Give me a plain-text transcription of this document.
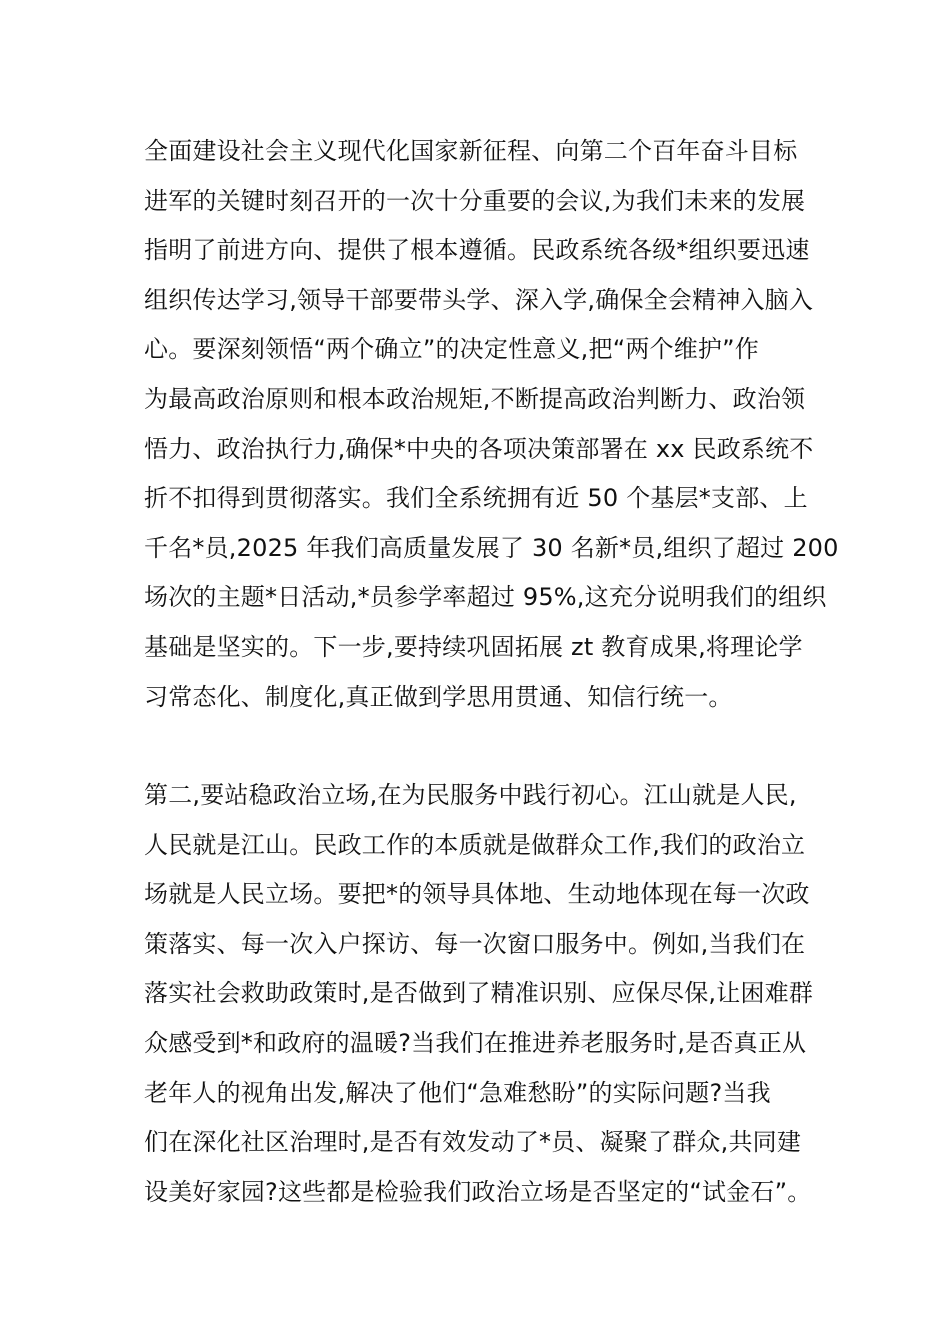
全面建设社会主义现代化国家新征程、向第二个百年奋斗目标
进军的关键时刻召开的一次十分重要的会议,为我们未来的发展
指明了前进方向、提供了根本遵循。民政系统各级*组织要迅速
组织传达学习,领导干部要带头学、深入学,确保全会精神入脑入
心。要深刻领悟“两个确立”的决定性意义,把“两个维护”作
为最高政治原则和根本政治规矩,不断提高政治判断力、政治领
悟力、政治执行力,确保*中央的各项决策部署在 xx 民政系统不
折不扣得到贯彻落实。我们全系统拥有近 50 个基层*支部、上
千名*员,2025 年我们高质量发展了 30 名新*员,组织了超过 200
场次的主题*日活动,*员参学率超过 95%,这充分说明我们的组织
基础是坚实的。下一步,要持续巩固拓展 zt 教育成果,将理论学
习常态化、制度化,真正做到学思用贯通、知信行统一。
第二,要站稳政治立场,在为民服务中践行初心。江山就是人民,
人民就是江山。民政工作的本质就是做群众工作,我们的政治立
场就是人民立场。要把*的领导具体地、生动地体现在每一次政
策落实、每一次入户探访、每一次窗口服务中。例如,当我们在
落实社会救助政策时,是否做到了精准识别、应保尽保,让困难群
众感受到*和政府的温暖?当我们在推进养老服务时,是否真正从
老年人的视角出发,解决了他们“急难愁盼”的实际问题?当我
们在深化社区治理时,是否有效发动了*员、凝聚了群众,共同建
设美好家园?这些都是检验我们政治立场是否坚定的“试金石”。
